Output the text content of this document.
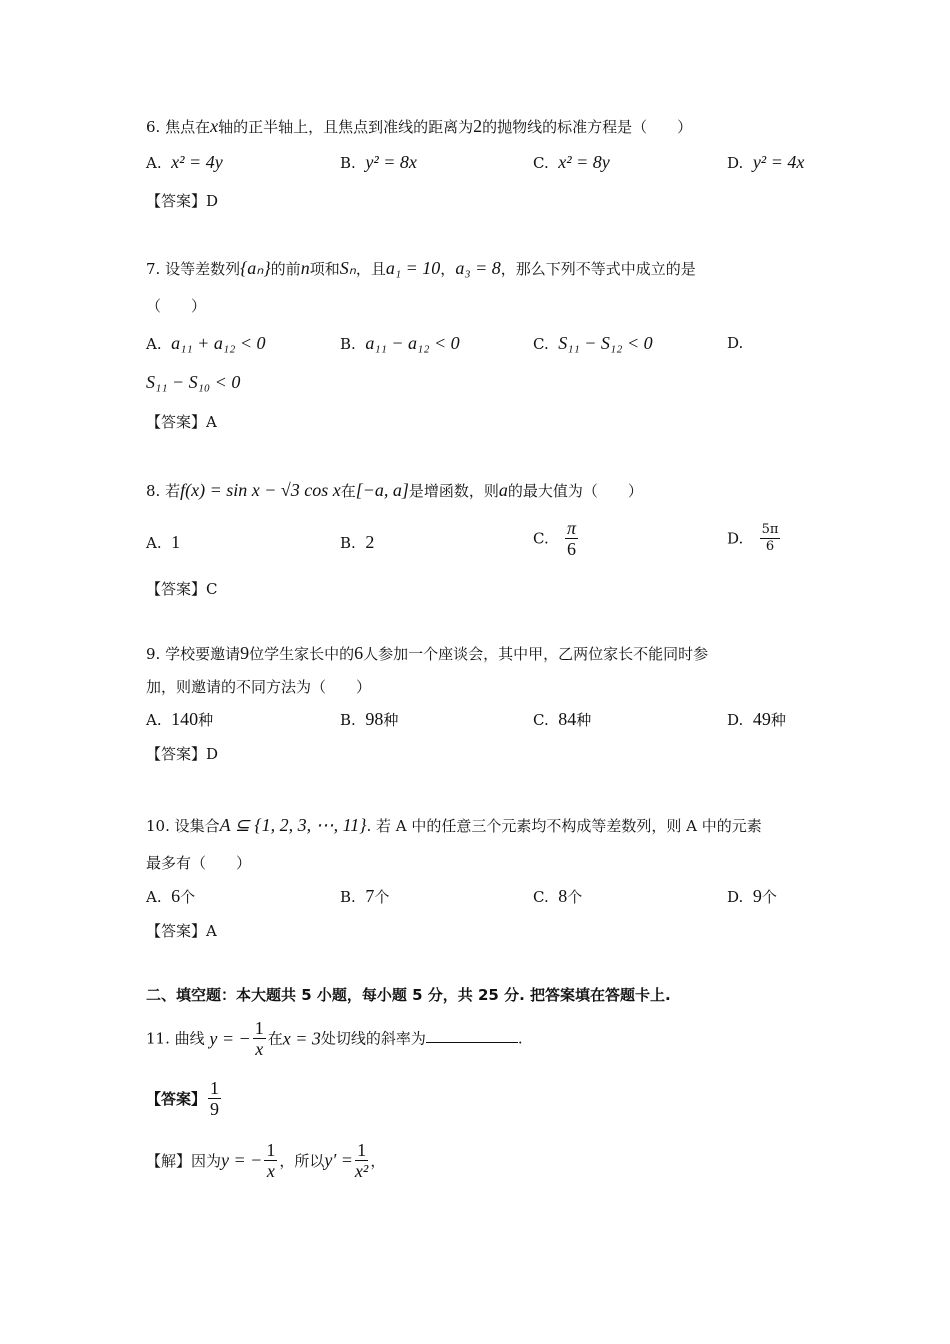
6. 焦点在x轴的正半轴上，且焦点到准线的距离为2的抛物线的标准方程是（　　）
A. x² = 4y	B. y² = 8x	C. x² = 8y	D. y² = 4x
【答案】D
7. 设等差数列{aₙ}的前n项和Sₙ，且a₁ = 10，a₃ = 8，那么下列不等式中成立的是
（　　）
A. a₁₁ + a₁₂ < 0	B. a₁₁ − a₁₂ < 0	C. S₁₁ − S₁₂ < 0	D.
S₁₁ − S₁₀ < 0
【答案】A
8. 若f(x) = sin x − √3 cos x在[−a, a]是增函数，则a的最大值为（　　）
A. 1	B. 2	C. $\frac{\pi}{6}$	D. $\frac{5\pi}{6}$
【答案】C
9. 学校要邀请9位学生家长中的6人参加一个座谈会，其中甲，乙两位家长不能同时参
加，则邀请的不同方法为（　　）
A. 140种	B. 98种	C. 84种	D. 49种
【答案】D
10. 设集合A ⊆ {1, 2, 3, ⋯, 11}. 若 A 中的任意三个元素均不构成等差数列，则 A 中的元素
最多有（　　）
A. 6个	B. 7个	C. 8个	D. 9个
【答案】A
二、填空题：本大题共 5 小题，每小题 5 分，共 25 分. 把答案填在答题卡上.
11. 曲线 y = − $\frac{1}{x}$ 在x = 3处切线的斜率为	.
【答案】 $\frac{1}{9}$
【解】因为y = − $\frac{1}{x}$ ，所以$y' = \frac{1}{\text{x²}}$ ，
